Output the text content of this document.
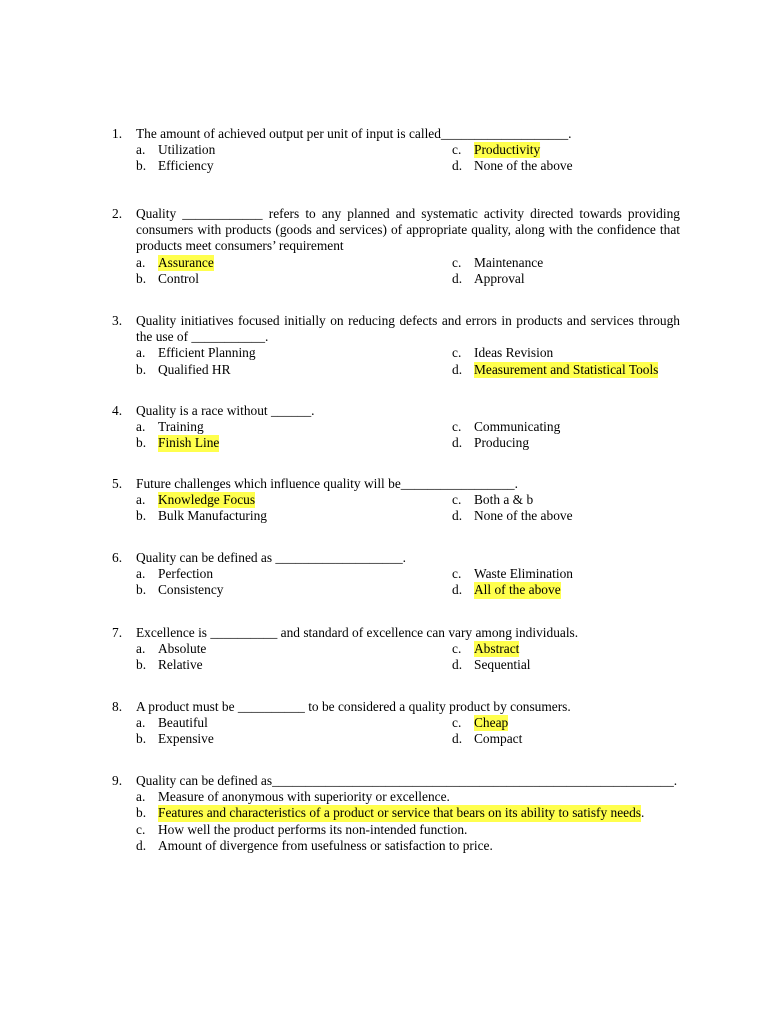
1.	The amount of achieved output per unit of input is called___________________.
a. Utilization	c. Productivity
b. Efficiency	d. None of the above
2.	Quality ____________ refers to any planned and systematic activity directed towards providing consumers with products (goods and services) of appropriate quality, along with the confidence that products meet consumers’ requirement
a. Assurance	c. Maintenance
b. Control	d. Approval
3.	Quality initiatives focused initially on reducing defects and errors in products and services through the use of ___________.
a. Efficient Planning	c. Ideas Revision
b. Qualified HR	d. Measurement and Statistical Tools
4.	Quality is a race without ______.
a. Training	c. Communicating
b. Finish Line	d. Producing
5.	Future challenges which influence quality will be_________________.
a. Knowledge Focus	c. Both a & b
b. Bulk Manufacturing	d. None of the above
6.	Quality can be defined as ___________________.
a. Perfection	c. Waste Elimination
b. Consistency	d. All of the above
7.	Excellence is __________ and standard of excellence can vary among individuals.
a. Absolute	c. Abstract
b. Relative	d. Sequential
8.	A product must be __________ to be considered a quality product by consumers.
a. Beautiful	c. Cheap
b. Expensive	d. Compact
9.	Quality can be defined as____________________________________________________________.
a. Measure of anonymous with superiority or excellence.
b. Features and characteristics of a product or service that bears on its ability to satisfy needs .
c. How well the product performs its non-intended function.
d. Amount of divergence from usefulness or satisfaction to price.
